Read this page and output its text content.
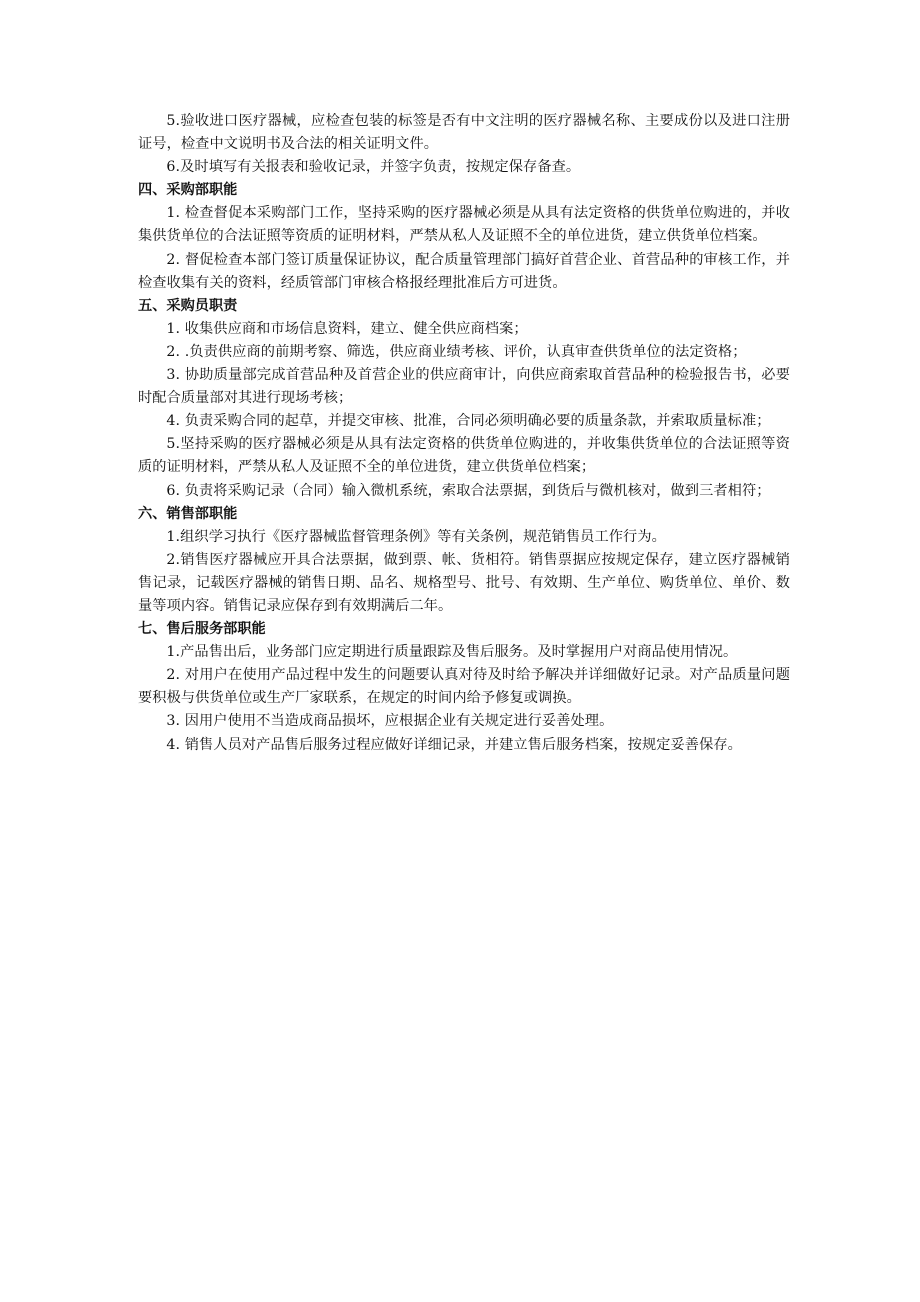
5.验收进口医疗器械，应检查包装的标签是否有中文注明的医疗器械名称、主要成份以及进口注册证号，检查中文说明书及合法的相关证明文件。

6.及时填写有关报表和验收记录，并签字负责，按规定保存备查。

四、采购部职能

1. 检查督促本采购部门工作，坚持采购的医疗器械必须是从具有法定资格的供货单位购进的，并收集供货单位的合法证照等资质的证明材料，严禁从私人及证照不全的单位进货，建立供货单位档案。

2. 督促检查本部门签订质量保证协议，配合质量管理部门搞好首营企业、首营品种的审核工作，并检查收集有关的资料，经质管部门审核合格报经理批准后方可进货。

五、采购员职责

1. 收集供应商和市场信息资料，建立、健全供应商档案；

2. .负责供应商的前期考察、筛选，供应商业绩考核、评价，认真审查供货单位的法定资格；

3. 协助质量部完成首营品种及首营企业的供应商审计，向供应商索取首营品种的检验报告书，必要时配合质量部对其进行现场考核；

4. 负责采购合同的起草，并提交审核、批准，合同必须明确必要的质量条款，并索取质量标准；

5.坚持采购的医疗器械必须是从具有法定资格的供货单位购进的，并收集供货单位的合法证照等资质的证明材料，严禁从私人及证照不全的单位进货，建立供货单位档案；

6. 负责将采购记录（合同）输入微机系统，索取合法票据，到货后与微机核对，做到三者相符；

六、销售部职能

1.组织学习执行《医疗器械监督管理条例》等有关条例，规范销售员工作行为。

2.销售医疗器械应开具合法票据，做到票、帐、货相符。销售票据应按规定保存，建立医疗器械销售记录，记载医疗器械的销售日期、品名、规格型号、批号、有效期、生产单位、购货单位、单价、数量等项内容。销售记录应保存到有效期满后二年。

七、售后服务部职能

1.产品售出后，业务部门应定期进行质量跟踪及售后服务。及时掌握用户对商品使用情况。

2. 对用户在使用产品过程中发生的问题要认真对待及时给予解决并详细做好记录。对产品质量问题要积极与供货单位或生产厂家联系，在规定的时间内给予修复或调换。

3. 因用户使用不当造成商品损坏，应根据企业有关规定进行妥善处理。

4. 销售人员对产品售后服务过程应做好详细记录，并建立售后服务档案，按规定妥善保存。
